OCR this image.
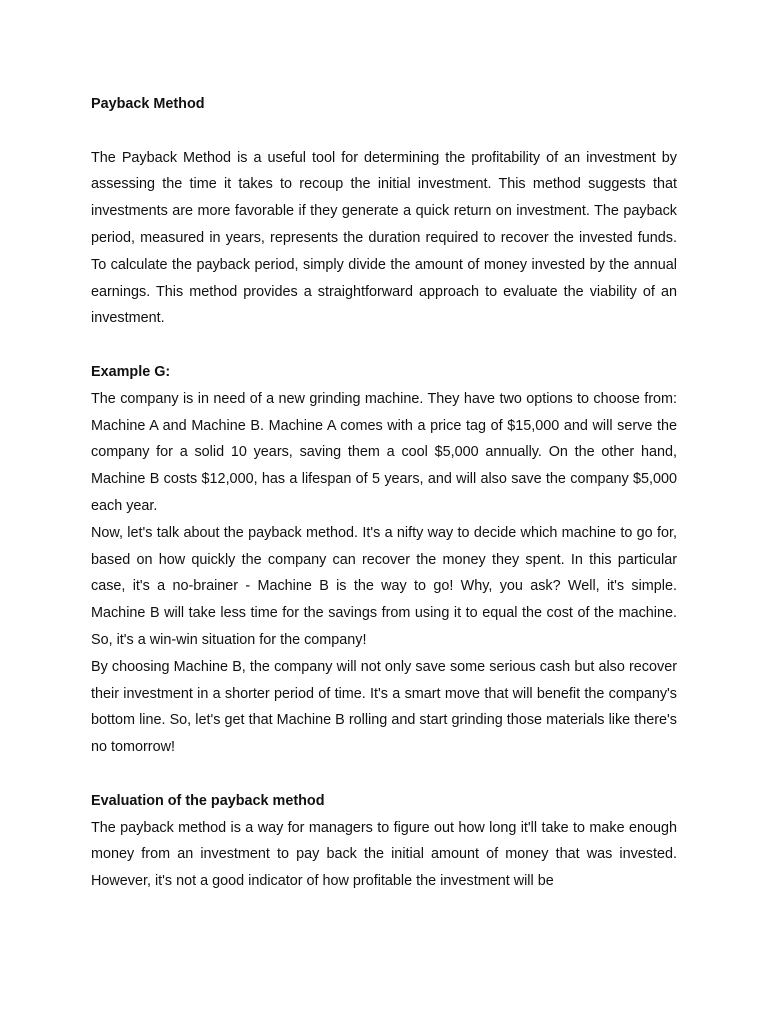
Payback Method

The Payback Method is a useful tool for determining the profitability of an investment by assessing the time it takes to recoup the initial investment. This method suggests that investments are more favorable if they generate a quick return on investment. The payback period, measured in years, represents the duration required to recover the invested funds. To calculate the payback period, simply divide the amount of money invested by the annual earnings. This method provides a straightforward approach to evaluate the viability of an investment.

Example G:

The company is in need of a new grinding machine. They have two options to choose from: Machine A and Machine B. Machine A comes with a price tag of $15,000 and will serve the company for a solid 10 years, saving them a cool $5,000 annually. On the other hand, Machine B costs $12,000, has a lifespan of 5 years, and will also save the company $5,000 each year.

Now, let's talk about the payback method. It's a nifty way to decide which machine to go for, based on how quickly the company can recover the money they spent. In this particular case, it's a no-brainer - Machine B is the way to go! Why, you ask? Well, it's simple. Machine B will take less time for the savings from using it to equal the cost of the machine. So, it's a win-win situation for the company!

By choosing Machine B, the company will not only save some serious cash but also recover their investment in a shorter period of time. It's a smart move that will benefit the company's bottom line. So, let's get that Machine B rolling and start grinding those materials like there's no tomorrow!

Evaluation of the payback method

The payback method is a way for managers to figure out how long it'll take to make enough money from an investment to pay back the initial amount of money that was invested. However, it's not a good indicator of how profitable the investment will be
